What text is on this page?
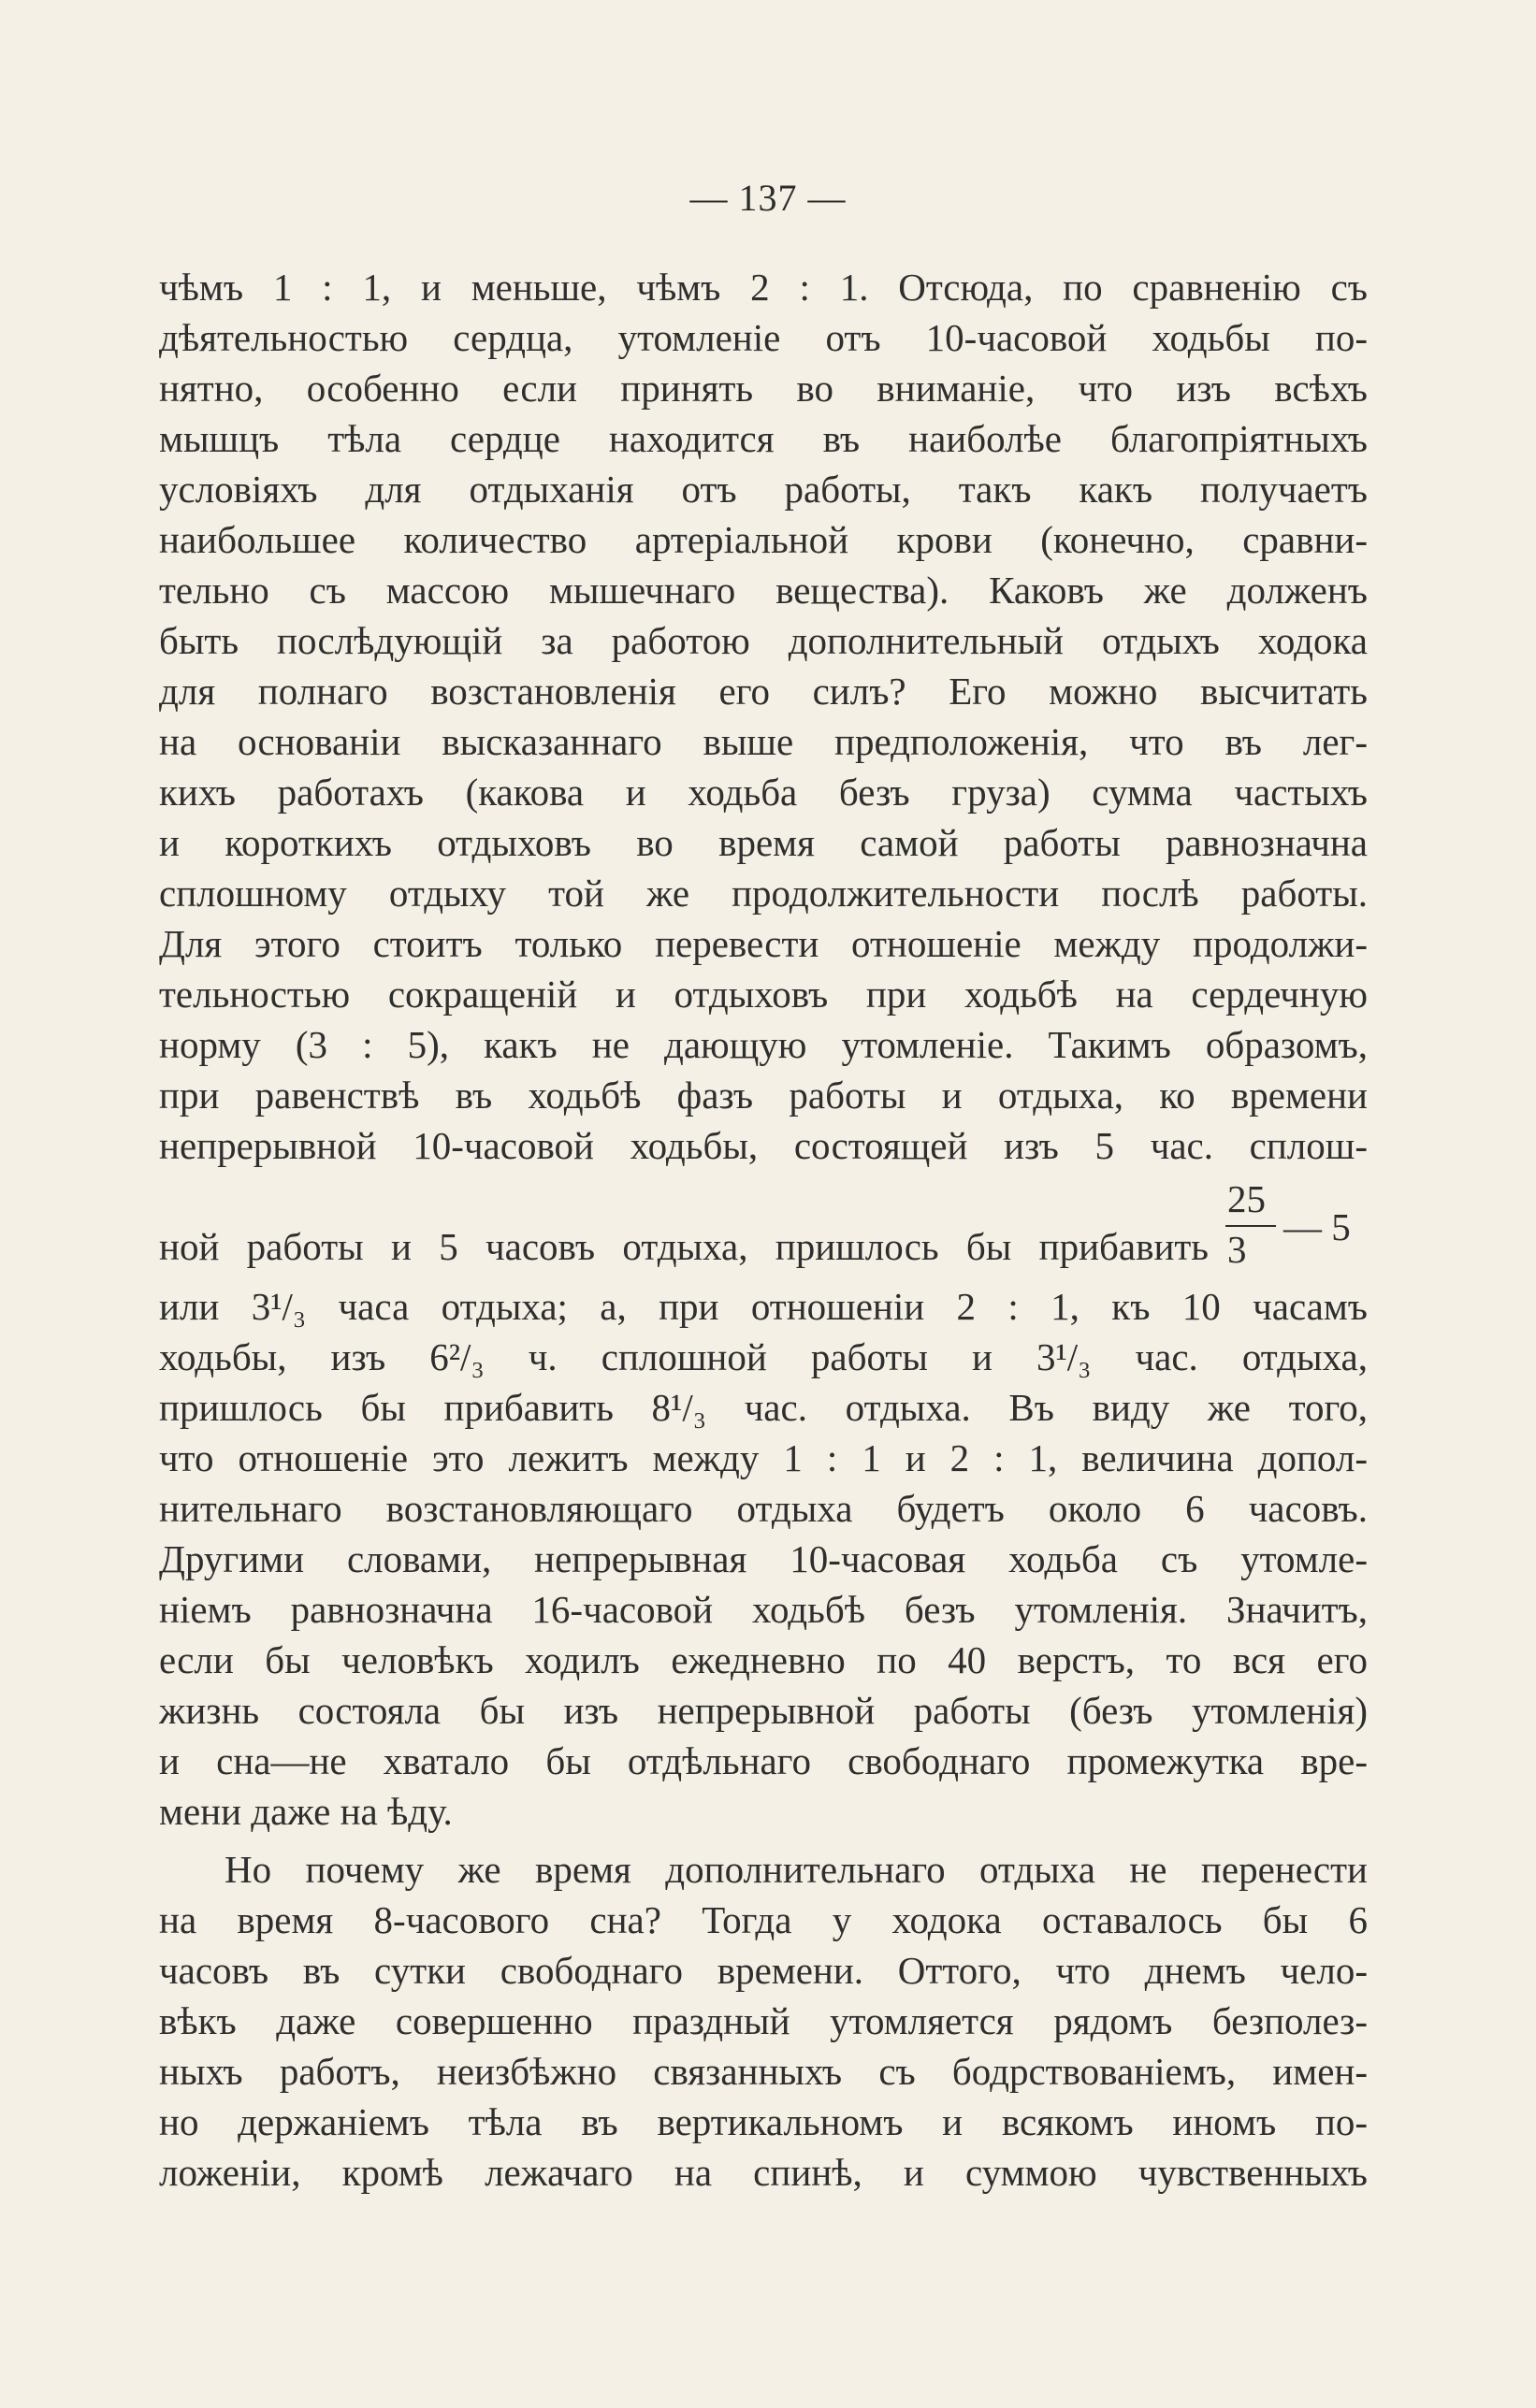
— 137 —
чѣмъ 1 : 1, и меньше, чѣмъ 2 : 1. Отсюда, по сравненію съ
дѣятельностью сердца, утомленіе отъ 10-часовой ходьбы по-
нятно, особенно если принять во вниманіе, что изъ всѣхъ
мышцъ тѣла сердце находится въ наиболѣе благопріятныхъ
условіяхъ для отдыханія отъ работы, такъ какъ получаетъ
наибольшее количество артеріальной крови (конечно, сравни-
тельно съ массою мышечнаго вещества). Каковъ же долженъ
быть послѣдующій за работою дополнительный отдыхъ ходока
для полнаго возстановленія его силъ? Его можно высчитать
на основаніи высказаннаго выше предположенія, что въ лег-
кихъ работахъ (какова и ходьба безъ груза) сумма частыхъ
и короткихъ отдыховъ во время самой работы равнозначна
сплошному отдыху той же продолжительности послѣ работы.
Для этого стоитъ только перевести отношеніе между продолжи-
тельностью сокращеній и отдыховъ при ходьбѣ на сердечную
норму (3 : 5), какъ не дающую утомленіе. Такимъ образомъ,
при равенствѣ въ ходьбѣ фазъ работы и отдыха, ко времени
непрерывной 10-часовой ходьбы, состоящей изъ 5 час. сплош-
ной работы и 5 часовъ отдыха, пришлось бы прибавить
25
3
— 5
или 3¹/₃ часа отдыха; а, при отношеніи 2 : 1, къ 10 часамъ
ходьбы, изъ 6²/₃ ч. сплошной работы и 3¹/₃ час. отдыха,
пришлось бы прибавить 8¹/₃ час. отдыха. Въ виду же того,
что отношеніе это лежитъ между 1 : 1 и 2 : 1, величина допол-
нительнаго возстановляющаго отдыха будетъ около 6 часовъ.
Другими словами, непрерывная 10-часовая ходьба съ утомле-
ніемъ равнозначна 16-часовой ходьбѣ безъ утомленія. Значитъ,
если бы человѣкъ ходилъ ежедневно по 40 верстъ, то вся его
жизнь состояла бы изъ непрерывной работы (безъ утомленія)
и сна—не хватало бы отдѣльнаго свободнаго промежутка вре-
мени даже на ѣду.
Но почему же время дополнительнаго отдыха не перенести
на время 8-часового сна? Тогда у ходока оставалось бы 6
часовъ въ сутки свободнаго времени. Оттого, что днемъ чело-
вѣкъ даже совершенно праздный утомляется рядомъ безполез-
ныхъ работъ, неизбѣжно связанныхъ съ бодрствованіемъ, имен-
но держаніемъ тѣла въ вертикальномъ и всякомъ иномъ по-
ложеніи, кромѣ лежачаго на спинѣ, и суммою чувственныхъ
